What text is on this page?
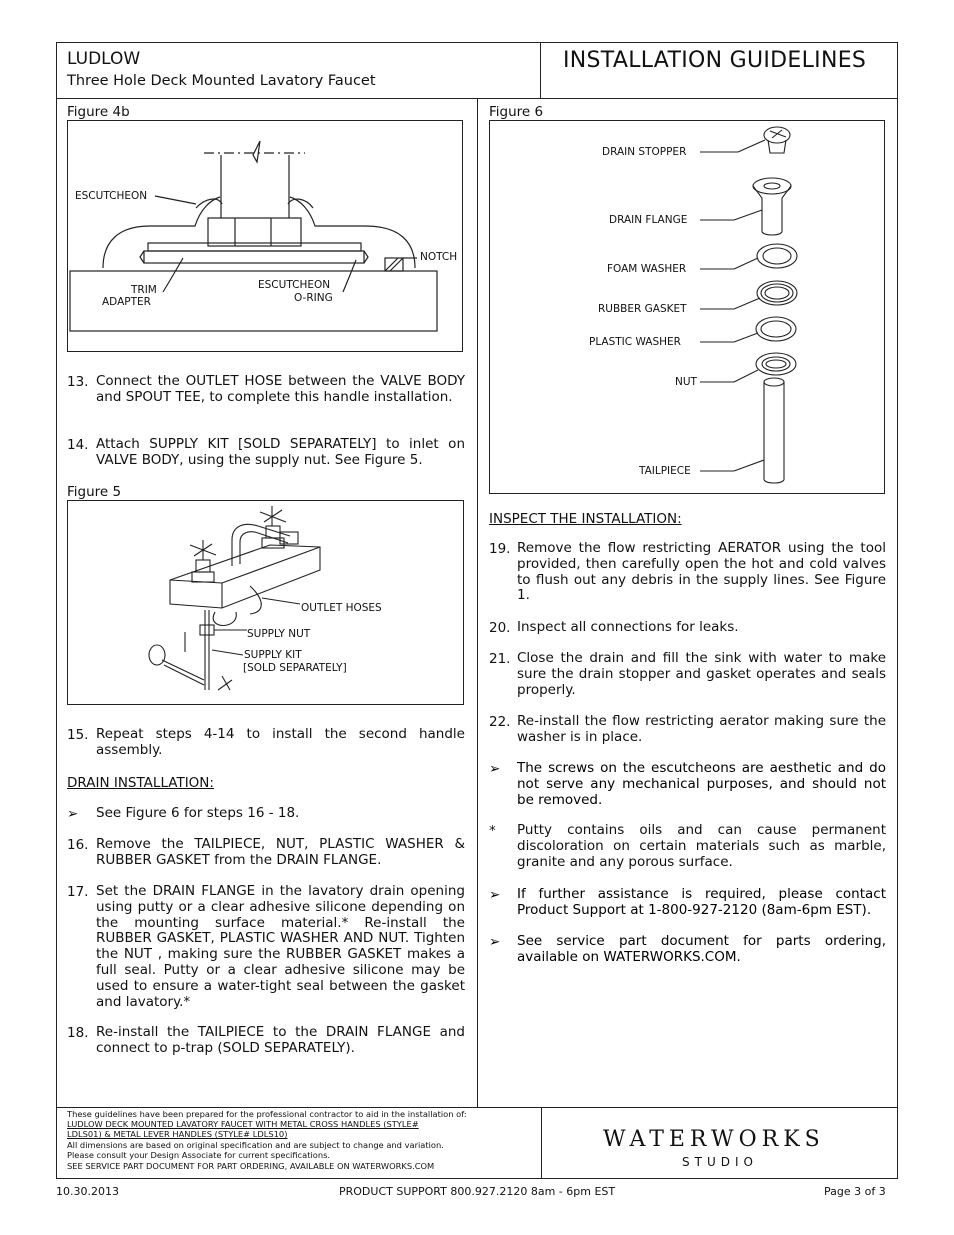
LUDLOW
Three Hole Deck Mounted Lavatory Faucet
INSTALLATION GUIDELINES
Figure 4b
ESCUTCHEON
NOTCH
TRIM
ADAPTER
ESCUTCHEON
O-RING
13. Connect the OUTLET HOSE between the VALVE BODY and SPOUT TEE, to complete this handle installation.
14. Attach SUPPLY KIT [SOLD SEPARATELY] to inlet on VALVE BODY, using the supply nut. See Figure 5.
Figure 5
OUTLET HOSES
SUPPLY NUT
SUPPLY KIT
[SOLD SEPARATELY]
15. Repeat steps 4-14 to install the second handle assembly.
DRAIN INSTALLATION:
➢ See Figure 6 for steps 16 - 18.
16. Remove the TAILPIECE, NUT, PLASTIC WASHER & RUBBER GASKET from the DRAIN FLANGE.
17. Set the DRAIN FLANGE in the lavatory drain opening using putty or a clear adhesive silicone depending on the mounting surface material.* Re-install the RUBBER GASKET, PLASTIC WASHER AND NUT. Tighten the NUT , making sure the RUBBER GASKET makes a full seal. Putty or a clear adhesive silicone may be used to ensure a water-tight seal between the gasket and lavatory.*
18. Re-install the TAILPIECE to the DRAIN FLANGE and connect to p-trap (SOLD SEPARATELY).
Figure 6
DRAIN STOPPER
DRAIN FLANGE
FOAM WASHER
RUBBER GASKET
PLASTIC WASHER
NUT
TAILPIECE
INSPECT THE INSTALLATION:
19. Remove the flow restricting AERATOR using the tool provided, then carefully open the hot and cold valves to flush out any debris in the supply lines. See Figure 1.
20. Inspect all connections for leaks.
21. Close the drain and fill the sink with water to make sure the drain stopper and gasket operates and seals properly.
22. Re-install the flow restricting aerator making sure the washer is in place.
➢ The screws on the escutcheons are aesthetic and do not serve any mechanical purposes, and should not be removed.
* Putty contains oils and can cause permanent discoloration on certain materials such as marble, granite and any porous surface.
➢ If further assistance is required, please contact Product Support at 1-800-927-2120 (8am-6pm EST).
➢ See service part document for parts ordering, available on WATERWORKS.COM.
These guidelines have been prepared for the professional contractor to aid in the installation of:
LUDLOW DECK MOUNTED LAVATORY FAUCET WITH METAL CROSS HANDLES (STYLE#
LDLS01) & METAL LEVER HANDLES (STYLE# LDLS10)
All dimensions are based on original specification and are subject to change and variation.
Please consult your Design Associate for current specifications.
SEE SERVICE PART DOCUMENT FOR PART ORDERING, AVAILABLE ON WATERWORKS.COM
WATERWORKS
STUDIO
10.30.2013	PRODUCT SUPPORT 800.927.2120 8am - 6pm EST	Page 3 of 3
